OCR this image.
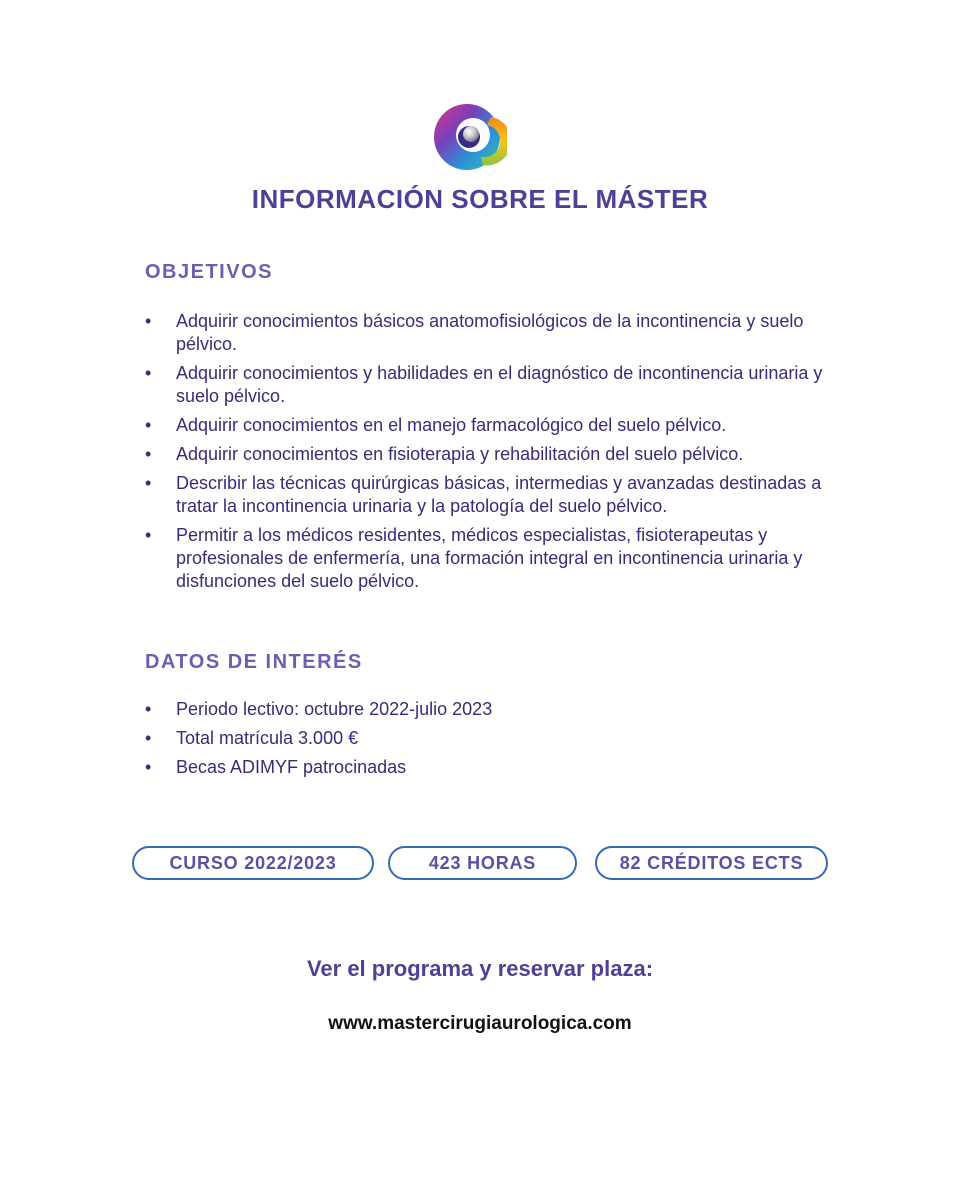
INFORMACIÓN SOBRE EL MÁSTER
OBJETIVOS
• Adquirir conocimientos básicos anatomofisiológicos de la incontinencia y suelo pélvico.
• Adquirir conocimientos y habilidades en el diagnóstico de incontinencia urinaria y suelo pélvico.
• Adquirir conocimientos en el manejo farmacológico del suelo pélvico.
• Adquirir conocimientos en fisioterapia y rehabilitación del suelo pélvico.
• Describir las técnicas quirúrgicas básicas, intermedias y avanzadas destinadas a tratar la incontinencia urinaria y la patología del suelo pélvico.
• Permitir a los médicos residentes, médicos especialistas, fisioterapeutas y profesionales de enfermería, una formación integral en incontinencia urinaria y disfunciones del suelo pélvico.
DATOS DE INTERÉS
• Periodo lectivo: octubre 2022-julio 2023
• Total matrícula 3.000 €
• Becas ADIMYF patrocinadas
CURSO 2022/2023	423 HORAS	82 CRÉDITOS ECTS

Ver el programa y reservar plaza:

www.mastercirugiaurologica.com
